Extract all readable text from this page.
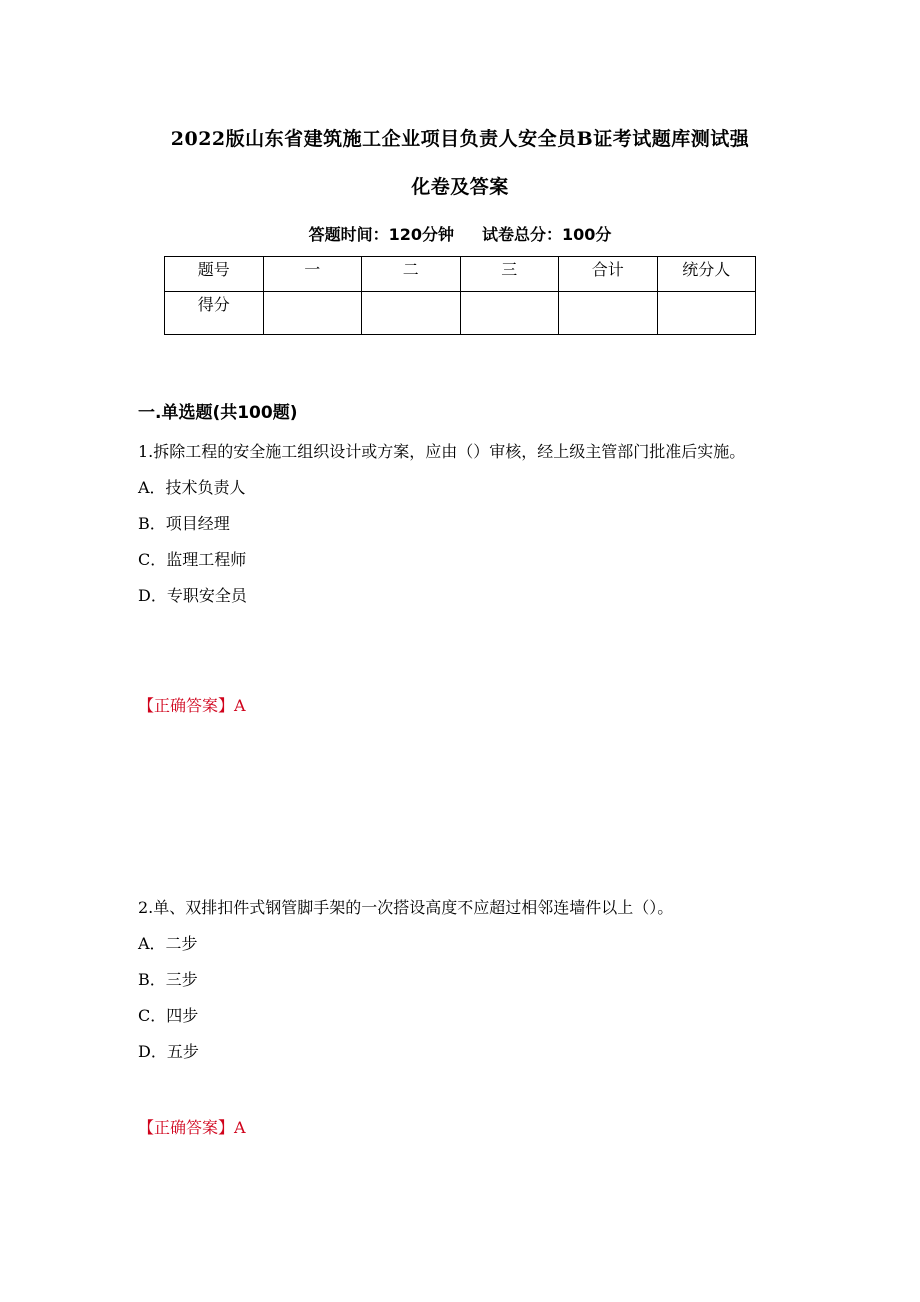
2022版山东省建筑施工企业项目负责人安全员B证考试题库测试强
化卷及答案
答题时间：120分钟 试卷总分：100分
题号	一	二	三	合计	统分人
得分					
一.单选题(共100题)

1.拆除工程的安全施工组织设计或方案，应由（）审核，经上级主管部门批准后实施。

A．技术负责人

B．项目经理

C．监理工程师

D．专职安全员

【正确答案】A

2.单、双排扣件式钢管脚手架的一次搭设高度不应超过相邻连墙件以上（）。

A．二步

B．三步

C．四步

D．五步

【正确答案】A
